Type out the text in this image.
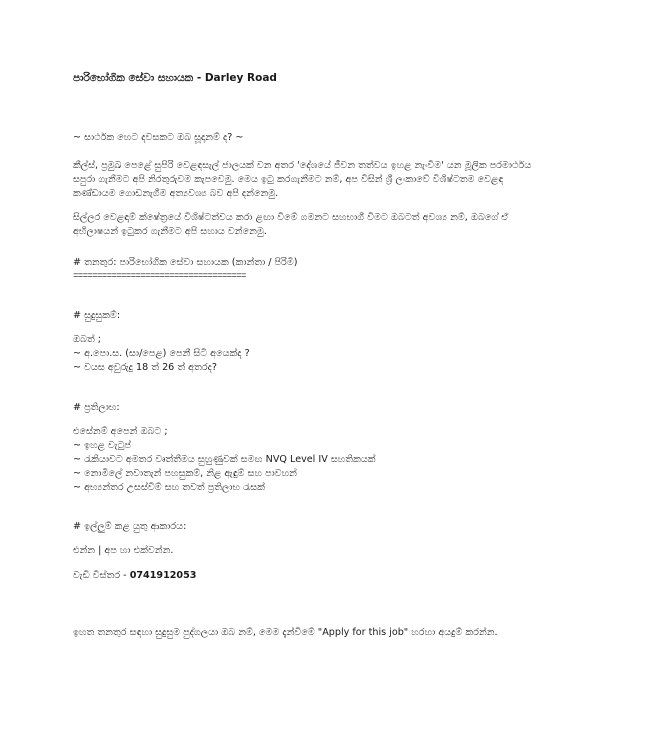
පාරිභෝගික සේවා සහායක - Darley Road
~ සාර්ථක හෙට දවසකට ඔබ සූදානම් ද? ~
කීල්ස්, ප්‍රමුඛ පෙළේ සුපිරි වෙළඳසැල් ජාලයක් වන අතර 'දේශයේ ජීවන තත්වය ඉහළ නැංවීම' යන මූලික පරමාර්ථය
සපුරා ගැනීමට අපි නිරතුරුවම කැපවෙමු. මෙය ඉටු කරගැනීමට නම්, අප විසින් ශ්‍රී ලංකාවේ විශිෂ්ටතම වෙළඳ
කණ්ඩායම ගොඩනැගීම අත්‍යවශ්‍ය බව අපි දන්නෙමු.
සිල්ලර වෙළඳාම් ක්ෂේත්‍රයේ විශිෂ්ටත්වය කරා ළඟා වීමේ ගමනට සහභාගී වීමට ඔබටත් අවශ්‍ය නම්, ඔබගේ ඒ
අභිලාෂයන් ඉටුකර ගැනීමට අපි සහාය වන්නෙමු.
# තනතුර: පාරිභෝගික සේවා සහායක (කාන්තා / පිරිමි)
====================================
# සුදුසුකම්:
ඔබත් ;
~ අ.පො.ස. (සා/පෙළ) පෙනී සිටි අයෙක්ද ?
~ වයස අවුරුදු 18 ත් 26 ත් අතරද?
# ප්‍රතිලාභ:
එසේනම් අපෙන් ඔබට ;
~ ඉහළ වැටුප්
~ රැකියාවට අමතර වෘත්තීමය සුහුණුවක් සමඟ NVQ Level IV සහතිකයක්
~ නොමිලේ නවාතැන් පහසුකම්, නිළ ඇඳුම් සහ පාවහන්
~ අභ්‍යන්තර උසස්වීම් සහ තවත් ප්‍රතිලාභ රැසක්
# ඉල්ලුම් කළ යුතු ආකාරය:
එන්න | අප හා එක්වන්න.
වැඩි විස්තර - 0741912053
ඉහත තනතුර සඳහා සුදුසුම පුද්ගලයා ඔබ නම්, මෙම දැන්වීමේ "Apply for this job" හරහා අයදුම් කරන්න.
